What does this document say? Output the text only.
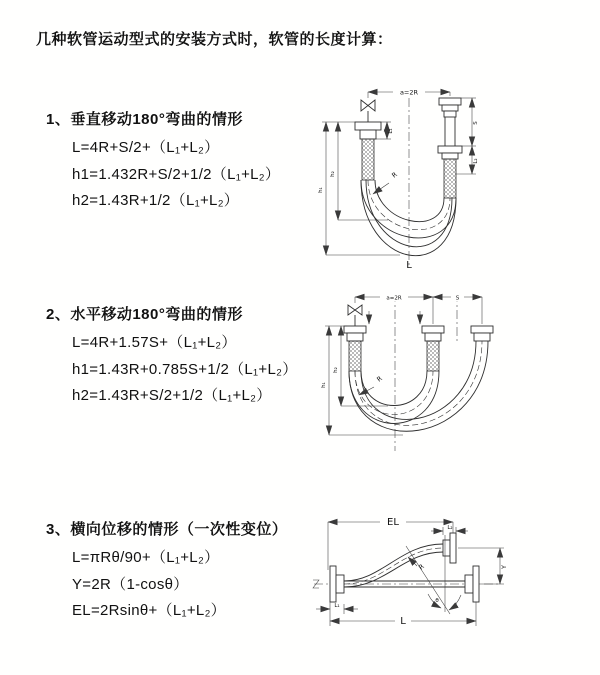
几种软管运动型式的安装方式时，软管的长度计算：
1、垂直移动180°弯曲的情形
L=4R+S/2+（L₁+L₂）
h1=1.432R+S/2+1/2（L₁+L₂）
h2=1.43R+1/2（L₁+L₂）
2、水平移动180°弯曲的情形
L=4R+1.57S+（L₁+L₂）
h1=1.43R+0.785S+1/2（L₁+L₂）
h2=1.43R+S/2+1/2（L₁+L₂）
3、横向位移的情形（一次性变位）
L=πRθ/90+（L₁+L₂）
Y=2R（1-cosθ）
EL=2Rsinθ+（L₁+L₂）
a=2R
R
h₁
h₂
L₁
S
L₂
L
a=2R	S
R
h₁
h₂
EL	L₂
Y
θ
R
L
L₁
